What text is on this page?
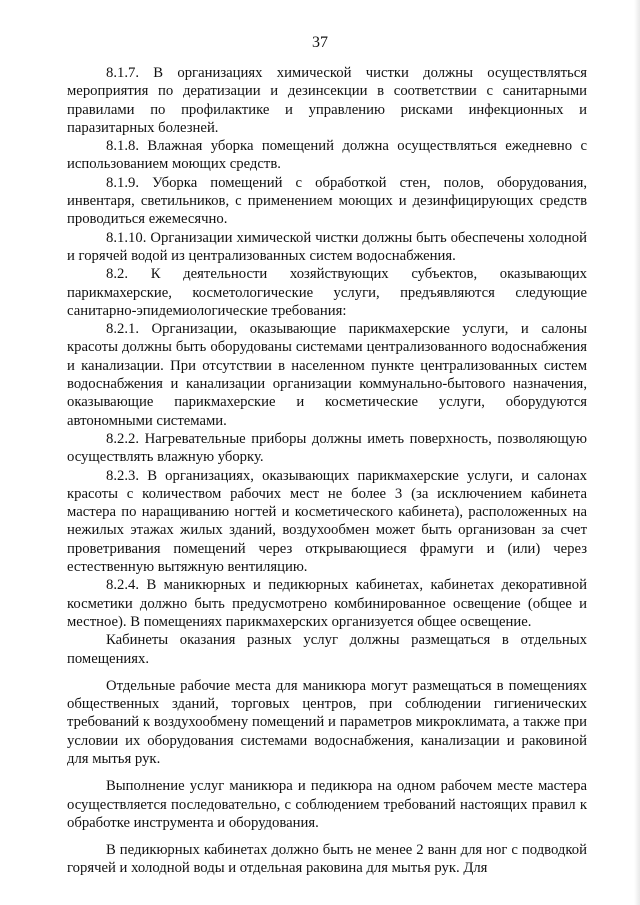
37

8.1.7. В организациях химической чистки должны осуществляться мероприятия по дератизации и дезинсекции в соответствии с санитарными правилами по профилактике и управлению рисками инфекционных и паразитарных болезней.

8.1.8. Влажная уборка помещений должна осуществляться ежедневно с использованием моющих средств.

8.1.9. Уборка помещений с обработкой стен, полов, оборудования, инвентаря, светильников, с применением моющих и дезинфицирующих средств проводиться ежемесячно.

8.1.10. Организации химической чистки должны быть обеспечены холодной и горячей водой из централизованных систем водоснабжения.

8.2. К деятельности хозяйствующих субъектов, оказывающих парикмахерские, косметологические услуги, предъявляются следующие санитарно-эпидемиологические требования:

8.2.1. Организации, оказывающие парикмахерские услуги, и салоны красоты должны быть оборудованы системами централизованного водоснабжения и канализации. При отсутствии в населенном пункте централизованных систем водоснабжения и канализации организации коммунально-бытового назначения, оказывающие парикмахерские и косметические услуги, оборудуются автономными системами.

8.2.2. Нагревательные приборы должны иметь поверхность, позволяющую осуществлять влажную уборку.

8.2.3. В организациях, оказывающих парикмахерские услуги, и салонах красоты с количеством рабочих мест не более 3 (за исключением кабинета мастера по наращиванию ногтей и косметического кабинета), расположенных на нежилых этажах жилых зданий, воздухообмен может быть организован за счет проветривания помещений через открывающиеся фрамуги и (или) через естественную вытяжную вентиляцию.

8.2.4. В маникюрных и педикюрных кабинетах, кабинетах декоративной косметики должно быть предусмотрено комбинированное освещение (общее и местное). В помещениях парикмахерских организуется общее освещение.

Кабинеты оказания разных услуг должны размещаться в отдельных помещениях.

Отдельные рабочие места для маникюра могут размещаться в помещениях общественных зданий, торговых центров, при соблюдении гигиенических требований к воздухообмену помещений и параметров микроклимата, а также при условии их оборудования системами водоснабжения, канализации и раковиной для мытья рук.

Выполнение услуг маникюра и педикюра на одном рабочем месте мастера осуществляется последовательно, с соблюдением требований настоящих правил к обработке инструмента и оборудования.

В педикюрных кабинетах должно быть не менее 2 ванн для ног с подводкой горячей и холодной воды и отдельная раковина для мытья рук. Для
